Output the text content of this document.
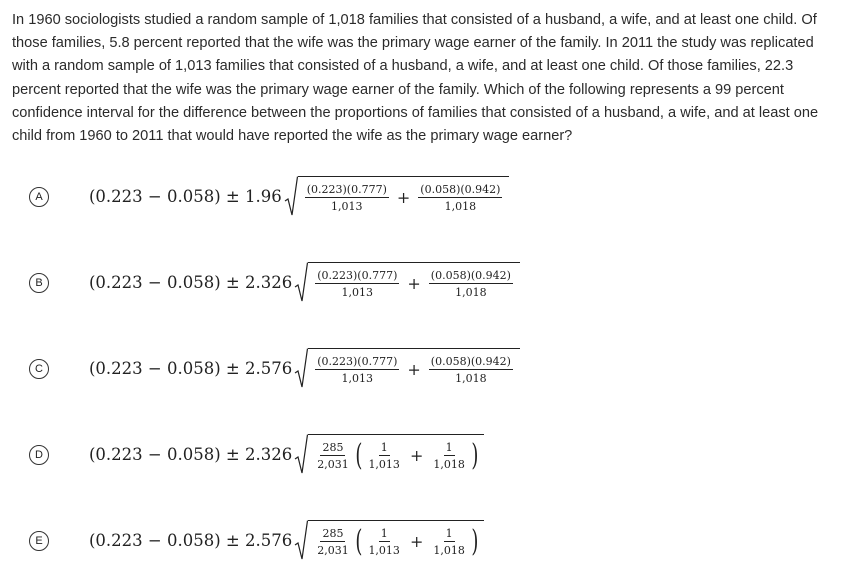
In 1960 sociologists studied a random sample of 1,018 families that consisted of a husband, a wife, and at least one child. Of those families, 5.8 percent reported that the wife was the primary wage earner of the family. In 2011 the study was replicated with a random sample of 1,013 families that consisted of a husband, a wife, and at least one child. Of those families, 22.3 percent reported that the wife was the primary wage earner of the family. Which of the following represents a 99 percent confidence interval for the difference between the proportions of families that consisted of a husband, a wife, and at least one child from 1960 to 2011 that would have reported the wife as the primary wage earner?
A	$(0.223 - 0.058) \pm 1.96 \frac{(0.223)(0.777)}{1,013} + \frac{(0.058)(0.942)}{1,018}$
B	$(0.223 - 0.058) \pm 2.326 \frac{(0.223)(0.777)}{1,013} + \frac{(0.058)(0.942)}{1,018}$
C	$(0.223 - 0.058) \pm 2.576 \frac{(0.223)(0.777)}{1,013} + \frac{(0.058)(0.942)}{1,018}$
D	$(0.223 - 0.058) \pm 2.326 \frac{285}{2,031}$ ( $\frac{1}{1,013} + \frac{1}{1,018}$ )
E	$(0.223 - 0.058) \pm 2.576 \frac{285}{2,031}$ ( $\frac{1}{1,013} + \frac{1}{1,018}$ )
